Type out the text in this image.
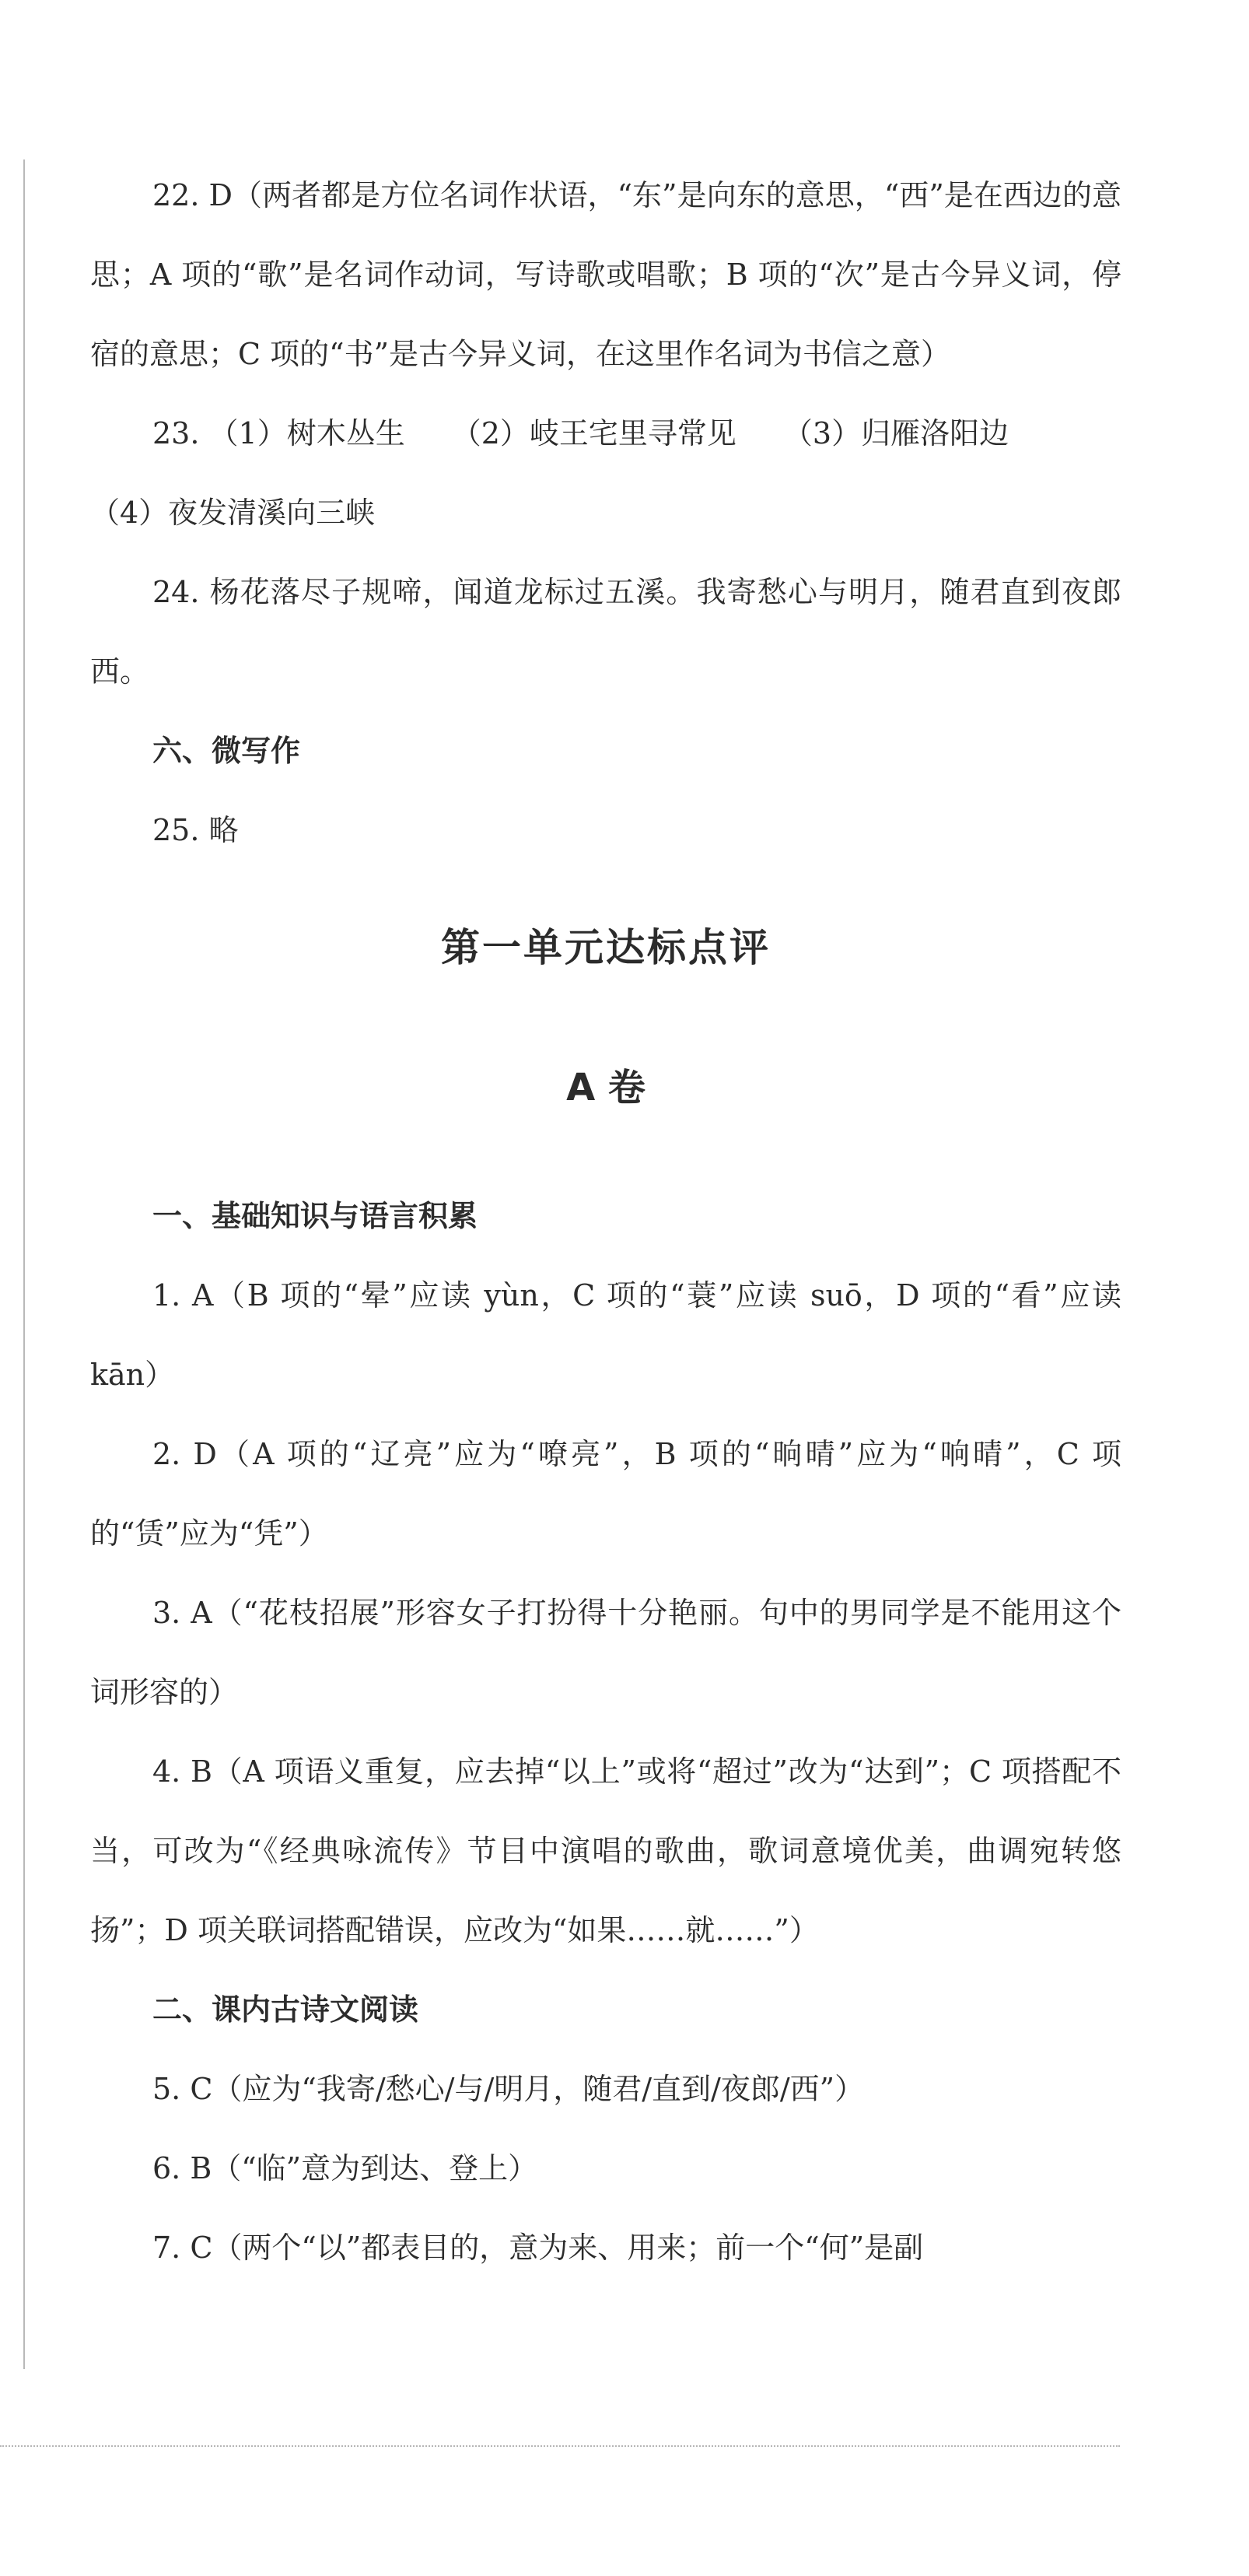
22. D（两者都是方位名词作状语，“东”是向东的意思，“西”是在西边的意思；A 项的“歌”是名词作动词，写诗歌或唱歌；B 项的“次”是古今异义词，停宿的意思；C 项的“书”是古今异义词，在这里作名词为书信之意）

23. （1）树木丛生 （2）岐王宅里寻常见 （3）归雁洛阳边

（4）夜发清溪向三峡

24. 杨花落尽子规啼，闻道龙标过五溪。我寄愁心与明月，随君直到夜郎西。

六、微写作

25. 略

第一单元达标点评
A 卷

一、基础知识与语言积累

1. A（B 项的“晕”应读 yùn，C 项的“蓑”应读 suō，D 项的“看”应读 kān）

2. D（A 项的“辽亮”应为“嘹亮”，B 项的“晌晴”应为“响晴”，C 项的“赁”应为“凭”）

3. A（“花枝招展”形容女子打扮得十分艳丽。句中的男同学是不能用这个词形容的）

4. B（A 项语义重复，应去掉“以上”或将“超过”改为“达到”；C 项搭配不当，可改为“《经典咏流传》节目中演唱的歌曲，歌词意境优美，曲调宛转悠扬”；D 项关联词搭配错误，应改为“如果……就……”）

二、课内古诗文阅读

5. C（应为“我寄/愁心/与/明月，随君/直到/夜郎/西”）

6. B（“临”意为到达、登上）

7. C（两个“以”都表目的，意为来、用来；前一个“何”是副
